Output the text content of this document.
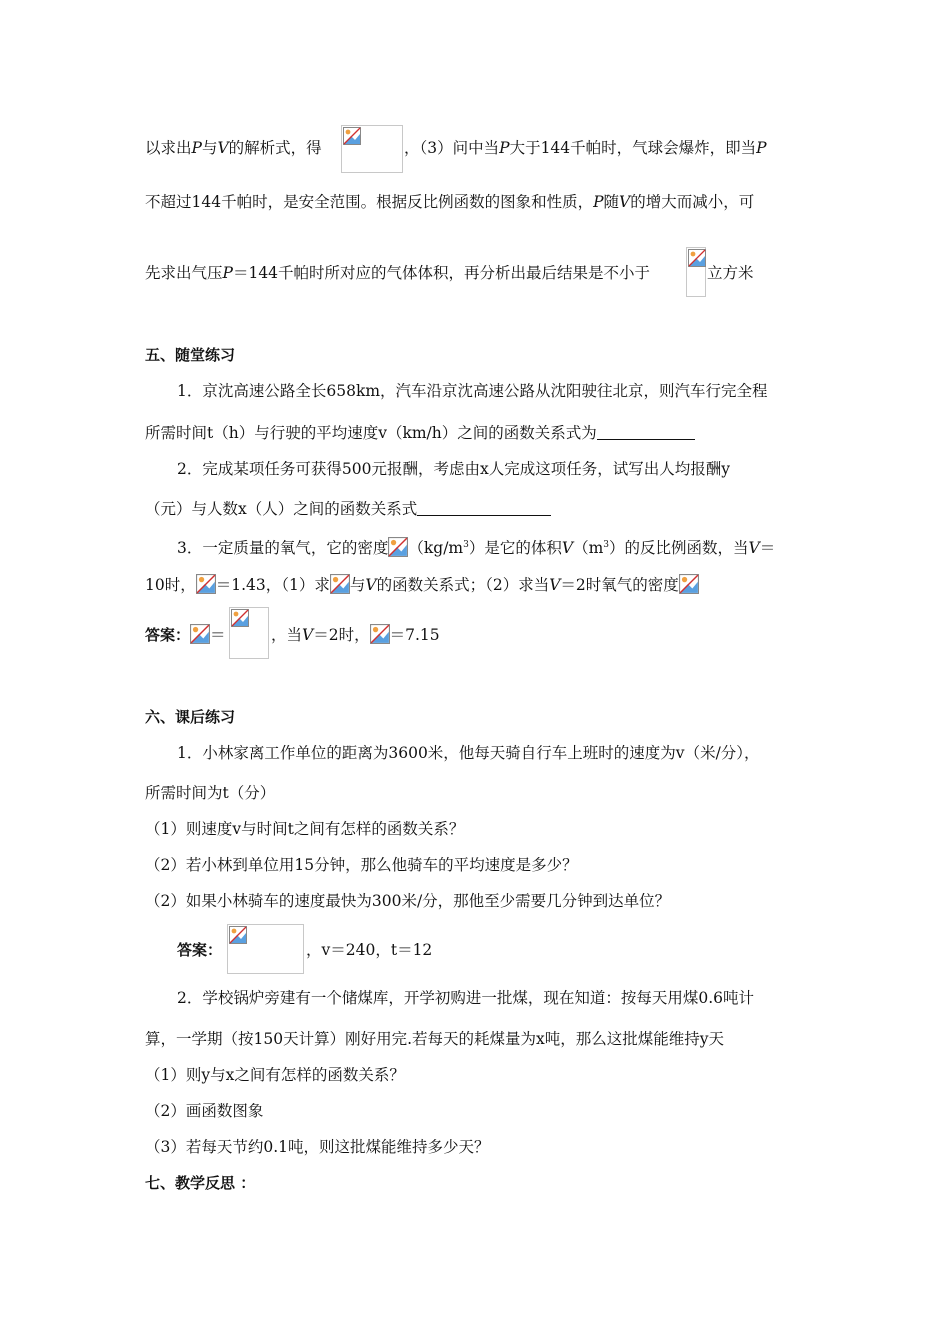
以求出P与V的解析式，得	，（3）问中当P大于144千帕时，气球会爆炸，即当P
不超过144千帕时，是安全范围。根据反比例函数的图象和性质，P随V的增大而减小，可
先求出气压P＝144千帕时所对应的气体体积，再分析出最后结果是不小于	立方米
五、随堂练习
1．京沈高速公路全长658km，汽车沿京沈高速公路从沈阳驶往北京，则汽车行完全程
所需时间t（h）与行驶的平均速度v（km/h）之间的函数关系式为
2．完成某项任务可获得500元报酬，考虑由x人完成这项任务，试写出人均报酬y
（元）与人数x（人）之间的函数关系式
3．一定质量的氧气，它的密度 $(kg/m^3)$是它的体积$V(m^3)$的反比例函数，当V＝
10时， ＝1.43，（1）求 与V的函数关系式；（2）求当V＝2时氧气的密度
答案： ＝	，当V＝2时， ＝7.15
六、课后练习
1．小林家离工作单位的距离为3600米，他每天骑自行车上班时的速度为v（米/分），
所需时间为t（分）
（1）则速度v与时间t之间有怎样的函数关系？
（2）若小林到单位用15分钟，那么他骑车的平均速度是多少？
（2）如果小林骑车的速度最快为300米/分，那他至少需要几分钟到达单位？
答案：	，v＝240，t＝12
2．学校锅炉旁建有一个储煤库，开学初购进一批煤，现在知道：按每天用煤0.6吨计
算，一学期（按150天计算）刚好用完.若每天的耗煤量为x吨，那么这批煤能维持y天
（1）则y与x之间有怎样的函数关系？
（2）画函数图象
（3）若每天节约0.1吨，则这批煤能维持多少天？
七、教学反思 ：
